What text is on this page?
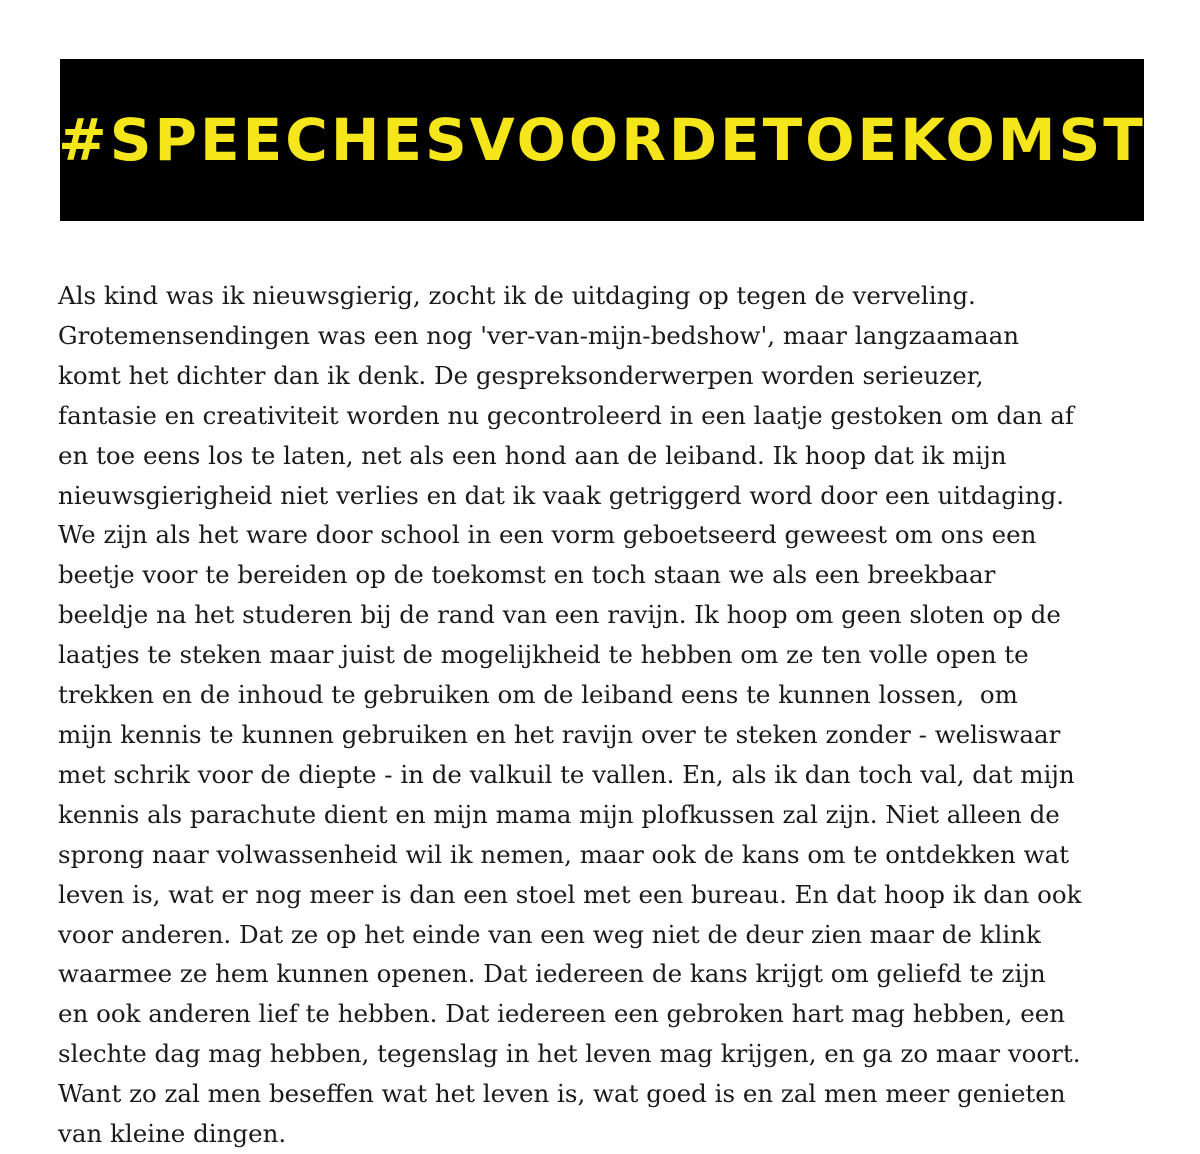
#SPEECHESVOORDETOEKOMST
Als kind was ik nieuwsgierig, zocht ik de uitdaging op tegen de verveling.
Grotemensendingen was een nog 'ver-van-mijn-bedshow', maar langzaamaan
komt het dichter dan ik denk. De gespreksonderwerpen worden serieuzer,
fantasie en creativiteit worden nu gecontroleerd in een laatje gestoken om dan af
en toe eens los te laten, net als een hond aan de leiband. Ik hoop dat ik mijn
nieuwsgierigheid niet verlies en dat ik vaak getriggerd word door een uitdaging.
We zijn als het ware door school in een vorm geboetseerd geweest om ons een
beetje voor te bereiden op de toekomst en toch staan we als een breekbaar
beeldje na het studeren bij de rand van een ravijn. Ik hoop om geen sloten op de
laatjes te steken maar juist de mogelijkheid te hebben om ze ten volle open te
trekken en de inhoud te gebruiken om de leiband eens te kunnen lossen,  om
mijn kennis te kunnen gebruiken en het ravijn over te steken zonder - weliswaar
met schrik voor de diepte - in de valkuil te vallen. En, als ik dan toch val, dat mijn
kennis als parachute dient en mijn mama mijn plofkussen zal zijn. Niet alleen de
sprong naar volwassenheid wil ik nemen, maar ook de kans om te ontdekken wat
leven is, wat er nog meer is dan een stoel met een bureau. En dat hoop ik dan ook
voor anderen. Dat ze op het einde van een weg niet de deur zien maar de klink
waarmee ze hem kunnen openen. Dat iedereen de kans krijgt om geliefd te zijn
en ook anderen lief te hebben. Dat iedereen een gebroken hart mag hebben, een
slechte dag mag hebben, tegenslag in het leven mag krijgen, en ga zo maar voort.
Want zo zal men beseffen wat het leven is, wat goed is en zal men meer genieten
van kleine dingen.
